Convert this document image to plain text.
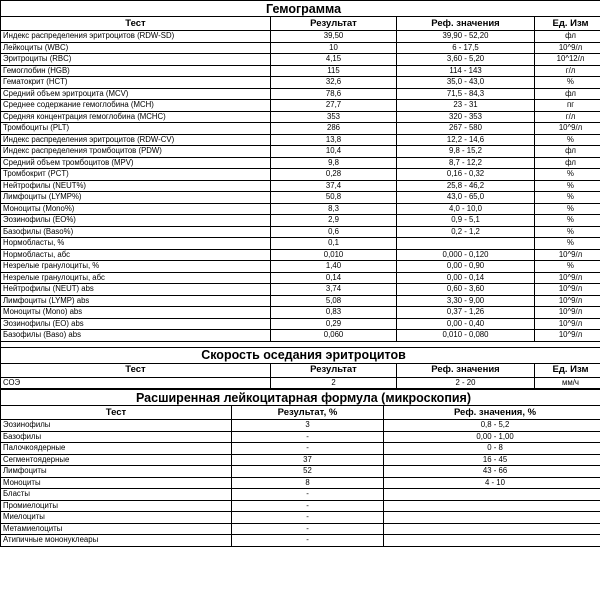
Гемограмма			
Тест	Результат	Реф. значения	Ед. Изм
Индекс распределения эритроцитов (RDW-SD)	39,50	39,90 - 52,20	фл
Лейкоциты (WBC)	10	6 - 17,5	10^9/л
Эритроциты (RBC)	4,15	3,60 - 5,20	10^12/л
Гемоглобин (HGB)	115	114 - 143	г/л
Гематокрит (HCT)	32,6	35,0 - 43,0	%
Средний объем эритроцита (MCV)	78,6	71,5 - 84,3	фл
Среднее содержание гемоглобина (MCH)	27,7	23 - 31	пг
Средняя концентрация гемоглобина (MCHC)	353	320 - 353	г/л
Тромбоциты (PLT)	286	267 - 580	10^9/л
Индекс распределения эритроцитов (RDW-CV)	13,8	12,2 - 14,6	%
Индекс распределения тромбоцитов (PDW)	10,4	9,8 - 15,2	фл
Средний объем тромбоцитов (MPV)	9,8	8,7 - 12,2	фл
Тромбокрит (PCT)	0,28	0,16 - 0,32	%
Нейтрофилы (NEUT%)	37,4	25,8 - 46,2	%
Лимфоциты (LYMP%)	50,8	43,0 - 65,0	%
Моноциты (Mono%)	8,3	4,0 - 10,0	%
Эозинофилы (EO%)	2,9	0,9 - 5,1	%
Базофилы (Baso%)	0,6	0,2 - 1,2	%
Нормобласты, %	0,1		%
Нормобласты, абс	0,010	0,000 - 0,120	10^9/л
Незрелые гранулоциты, %	1,40	0,00 - 0,90	%
Незрелые гранулоциты, абс	0,14	0,00 - 0,14	10^9/л
Нейтрофилы (NEUT) abs	3,74	0,60 - 3,60	10^9/л
Лимфоциты (LYMP) abs	5,08	3,30 - 9,00	10^9/л
Моноциты (Mono) abs	0,83	0,37 - 1,26	10^9/л
Эозинофилы (EO) abs	0,29	0,00 - 0,40	10^9/л
Базофилы (Baso) abs	0,060	0,010 - 0,080	10^9/л

Скорость оседания эритроцитов			
Тест	Результат	Реф. значения	Ед. Изм
СОЭ	2	2 - 20	мм/ч
Расширенная лейкоцитарная формула (микроскопия)		
Тест	Результат, %	Реф. значения, %
Эозинофилы	3	0,8 - 5,2
Базофилы	-	0,00 - 1,00
Палочкоядерные	-	0 - 8
Сегментоядерные	37	16 - 45
Лимфоциты	52	43 - 66
Моноциты	8	4 - 10
Бласты	-	
Промиелоциты	-	
Миелоциты	-	
Метамиелоциты	-	
Атипичные мононуклеары	-	
